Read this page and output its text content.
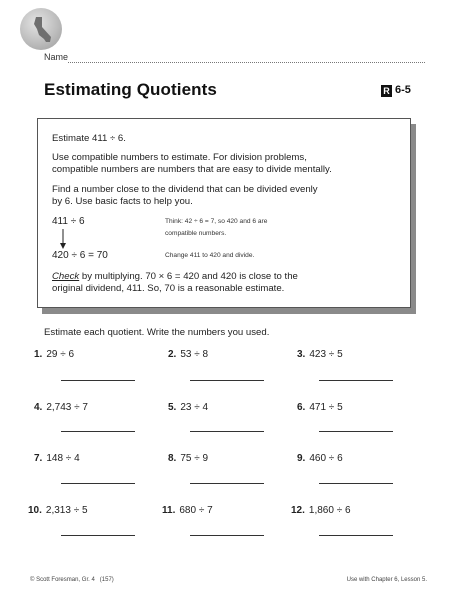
Name
Estimating Quotients	R 6-5
Estimate 411 ÷ 6.
Use compatible numbers to estimate. For division problems,
compatible numbers are numbers that are easy to divide mentally.
Find a number close to the dividend that can be divided evenly
by 6. Use basic facts to help you.
411 ÷ 6	Think: 42 ÷ 6 = 7, so 420 and 6 are
compatible numbers.
420 ÷ 6 = 70	Change 411 to 420 and divide.
Check by multiplying. 70 × 6 = 420 and 420 is close to the
original dividend, 411. So, 70 is a reasonable estimate.
Estimate each quotient. Write the numbers you used.
1. 29 ÷ 6	2. 53 ÷ 8	3. 423 ÷ 5
4. 2,743 ÷ 7	5. 23 ÷ 4	6. 471 ÷ 5
7. 148 ÷ 4	8. 75 ÷ 9	9. 460 ÷ 6
10. 2,313 ÷ 5	11. 680 ÷ 7	12. 1,860 ÷ 6
© Scott Foresman, Gr. 4   (157)	Use with Chapter 6, Lesson 5.
